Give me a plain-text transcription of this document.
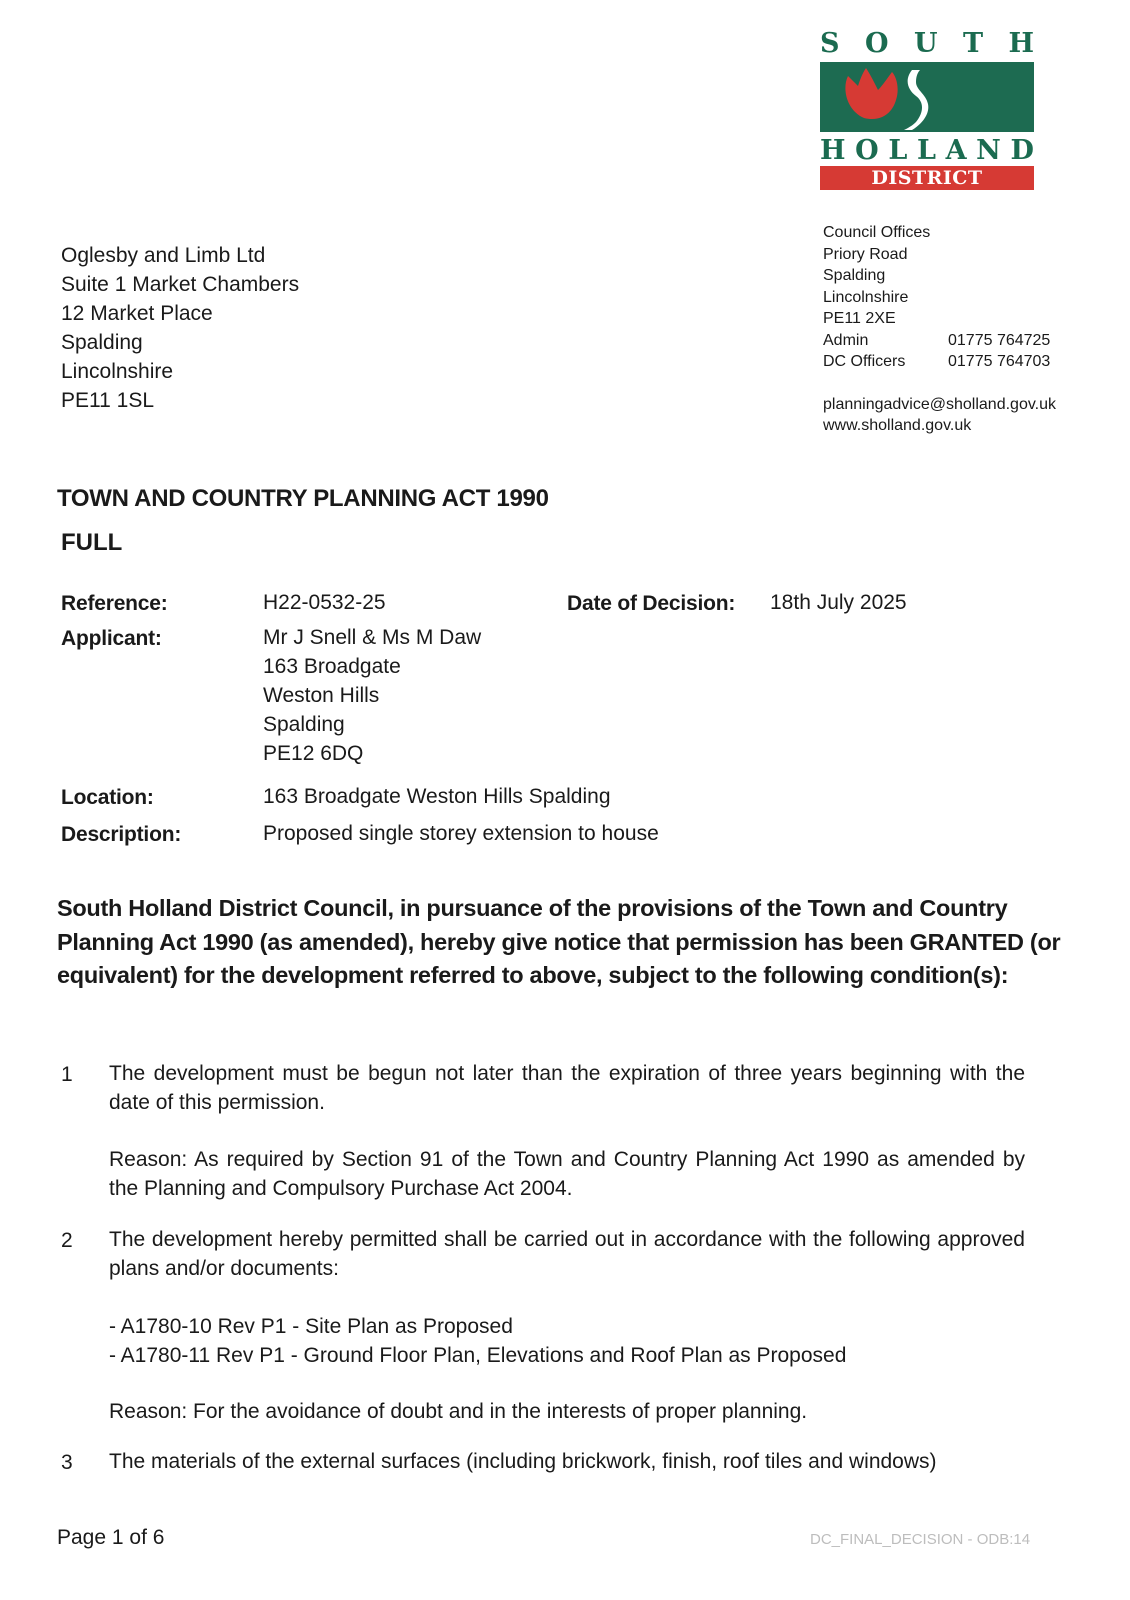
S O U T H
H O L L A N D
DISTRICT COUNCIL
Oglesby and Limb Ltd
Suite 1 Market Chambers
12 Market Place
Spalding
Lincolnshire
PE11 1SL
Council Offices
Priory Road
Spalding
Lincolnshire
PE11 2XE
Admin	01775 764725
DC Officers	01775 764703
planningadvice@sholland.gov.uk
www.sholland.gov.uk
TOWN AND COUNTRY PLANNING ACT 1990
FULL
Reference:	H22-0532-25	Date of Decision: 18th July 2025
Applicant:	Mr J Snell & Ms M Daw
163 Broadgate
Weston Hills
Spalding
PE12 6DQ
Location:	163 Broadgate Weston Hills Spalding
Description:	Proposed single storey extension to house
South Holland District Council, in pursuance of the provisions of the Town and Country Planning Act 1990 (as amended), hereby give notice that permission has been GRANTED (or equivalent) for the development referred to above, subject to the following condition(s):
1 The development must be begun not later than the expiration of three years beginning with the date of this permission.
Reason: As required by Section 91 of the Town and Country Planning Act 1990 as amended by the Planning and Compulsory Purchase Act 2004.
2 The development hereby permitted shall be carried out in accordance with the following approved plans and/or documents:
- A1780-10 Rev P1 - Site Plan as Proposed
- A1780-11 Rev P1 - Ground Floor Plan, Elevations and Roof Plan as Proposed
Reason: For the avoidance of doubt and in the interests of proper planning.
3 The materials of the external surfaces (including brickwork, finish, roof tiles and windows)
Page 1 of 6	DC_FINAL_DECISION - ODB:14
